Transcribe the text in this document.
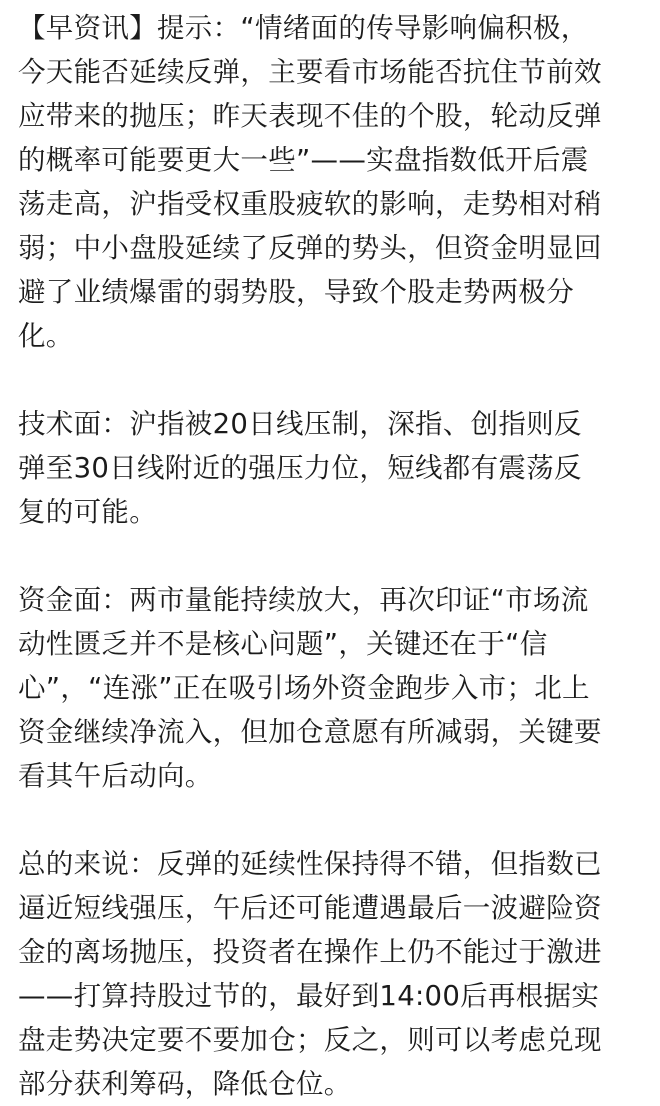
【早资讯】提示：“情绪面的传导影响偏积极，
今天能否延续反弹，主要看市场能否抗住节前效
应带来的抛压；昨天表现不佳的个股，轮动反弹
的概率可能要更大一些”——实盘指数低开后震
荡走高，沪指受权重股疲软的影响，走势相对稍
弱；中小盘股延续了反弹的势头，但资金明显回
避了业绩爆雷的弱势股，导致个股走势两极分
化。

技术面：沪指被20日线压制，深指、创指则反
弹至30日线附近的强压力位，短线都有震荡反
复的可能。

资金面：两市量能持续放大，再次印证“市场流
动性匮乏并不是核心问题”，关键还在于“信
心”，“连涨”正在吸引场外资金跑步入市；北上
资金继续净流入，但加仓意愿有所减弱，关键要
看其午后动向。

总的来说：反弹的延续性保持得不错，但指数已
逼近短线强压，午后还可能遭遇最后一波避险资
金的离场抛压，投资者在操作上仍不能过于激进
——打算持股过节的，最好到14:00后再根据实
盘走势决定要不要加仓；反之，则可以考虑兑现
部分获利筹码，降低仓位。
